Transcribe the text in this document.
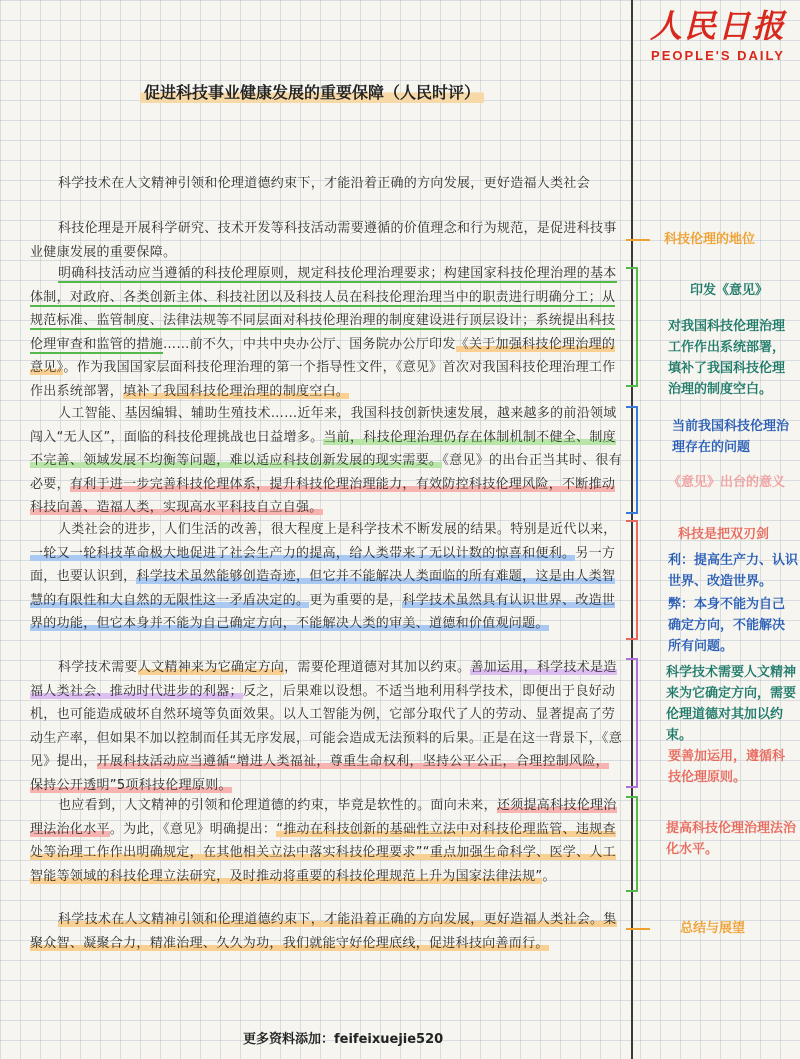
人民日报
PEOPLE'S DAILY
促进科技事业健康发展的重要保障（人民时评）
科学技术在人文精神引领和伦理道德约束下，才能沿着正确的方向发展，更好造福人类社会
科技伦理是开展科学研究、技术开发等科技活动需要遵循的价值理念和行为规范，是促进科技事业健康发展的重要保障。
明确科技活动应当遵循的科技伦理原则，规定科技伦理治理要求；构建国家科技伦理治理的基本体制，对政府、各类创新主体、科技社团以及科技人员在科技伦理治理当中的职责进行明确分工；从规范标准、监管制度、法律法规等不同层面对科技伦理治理的制度建设进行顶层设计；系统提出科技伦理审查和监管的措施……前不久，中共中央办公厅、国务院办公厅印发《关于加强科技伦理治理的意见》。作为我国国家层面科技伦理治理的第一个指导性文件，《意见》首次对我国科技伦理治理工作作出系统部署，填补了我国科技伦理治理的制度空白。
人工智能、基因编辑、辅助生殖技术……近年来，我国科技创新快速发展，越来越多的前沿领域闯入“无人区”，面临的科技伦理挑战也日益增多。当前，科技伦理治理仍存在体制机制不健全、制度不完善、领域发展不均衡等问题，难以适应科技创新发展的现实需要。《意见》的出台正当其时、很有必要，有利于进一步完善科技伦理体系，提升科技伦理治理能力，有效防控科技伦理风险，不断推动科技向善、造福人类，实现高水平科技自立自强。
人类社会的进步，人们生活的改善，很大程度上是科学技术不断发展的结果。特别是近代以来，一轮又一轮科技革命极大地促进了社会生产力的提高，给人类带来了无以计数的惊喜和便利。另一方面，也要认识到，科学技术虽然能够创造奇迹，但它并不能解决人类面临的所有难题，这是由人类智慧的有限性和大自然的无限性这一矛盾决定的。更为重要的是，科学技术虽然具有认识世界、改造世界的功能，但它本身并不能为自己确定方向，不能解决人类的审美、道德和价值观问题。
科学技术需要人文精神来为它确定方向，需要伦理道德对其加以约束。善加运用，科学技术是造福人类社会、推动时代进步的利器；反之，后果难以设想。不适当地利用科学技术，即便出于良好动机，也可能造成破坏自然环境等负面效果。以人工智能为例，它部分取代了人的劳动、显著提高了劳动生产率，但如果不加以控制而任其无序发展，可能会造成无法预料的后果。正是在这一背景下，《意见》提出，开展科技活动应当遵循“增进人类福祉，尊重生命权利，坚持公平公正，合理控制风险，保持公开透明”5项科技伦理原则。
也应看到，人文精神的引领和伦理道德的约束，毕竟是软性的。面向未来，还须提高科技伦理治理法治化水平。为此，《意见》明确提出：“推动在科技创新的基础性立法中对科技伦理监管、违规查处等治理工作作出明确规定，在其他相关立法中落实科技伦理要求”“重点加强生命科学、医学、人工智能等领域的科技伦理立法研究，及时推动将重要的科技伦理规范上升为国家法律法规”。
科学技术在人文精神引领和伦理道德约束下，才能沿着正确的方向发展，更好造福人类社会。集聚众智、凝聚合力，精准治理、久久为功，我们就能守好伦理底线，促进科技向善而行。
科技伦理的地位
印发《意见》
对我国科技伦理治理工作作出系统部署，填补了我国科技伦理治理的制度空白。
当前我国科技伦理治理存在的问题
《意见》出台的意义
科技是把双刃剑
利：提高生产力、认识世界、改造世界。
弊：本身不能为自己确定方向，不能解决所有问题。
科学技术需要人文精神来为它确定方向，需要伦理道德对其加以约束。
要善加运用，遵循科技伦理原则。
提高科技伦理治理法治化水平。
总结与展望
更多资料添加：feifeixuejie520
